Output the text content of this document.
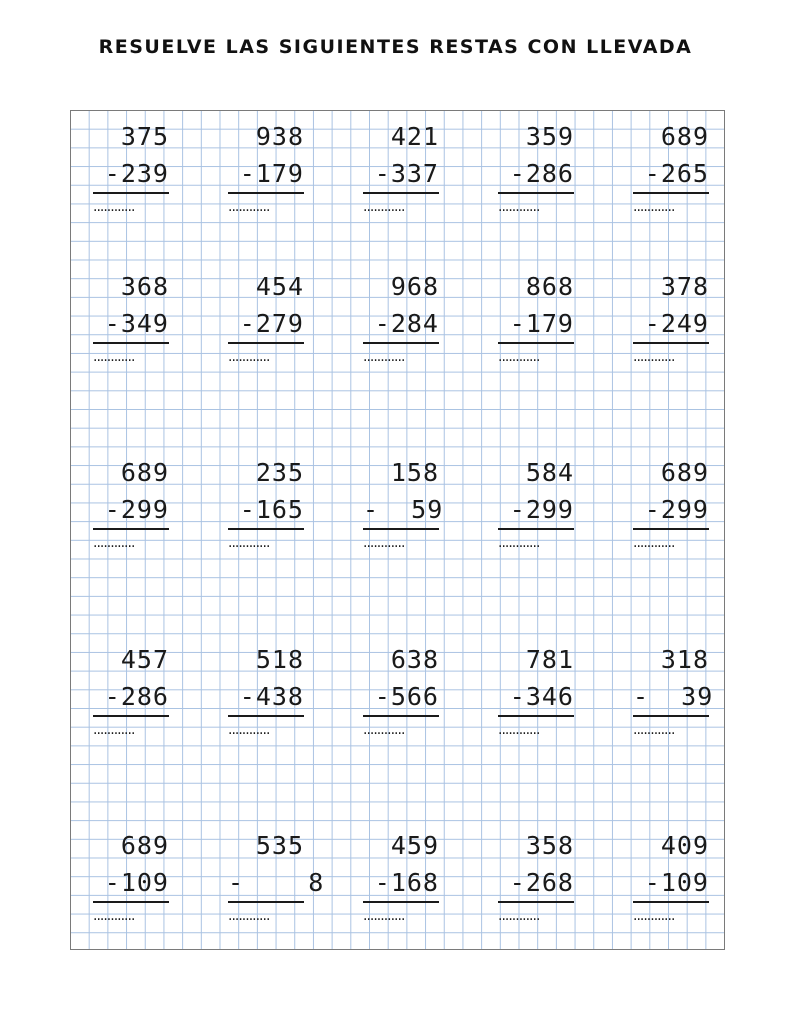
RESUELVE LAS SIGUIENTES RESTAS CON LLEVADA
375
-239
............
938
-179
............
421
-337
............
359
-286
............
689
-265
............
368
-349
............
454
-279
............
968
-284
............
868
-179
............
378
-249
............
689
-299
............
235
-165
............
158
-  59
............
584
-299
............
689
-299
............
457
-286
............
518
-438
............
638
-566
............
781
-346
............
318
-  39
............
689
-109
............
535
-    8
............
459
-168
............
358
-268
............
409
-109
............
